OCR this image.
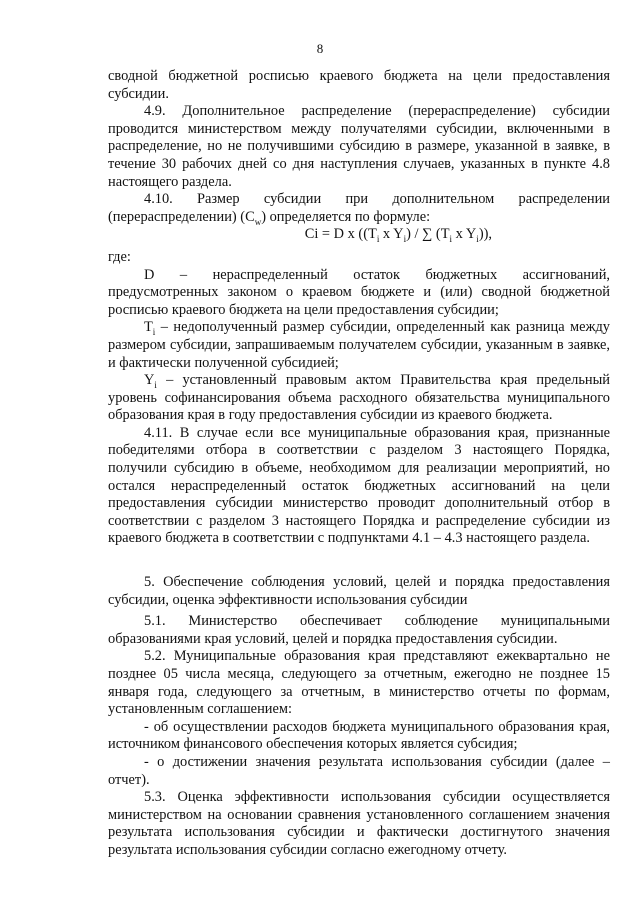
8

сводной бюджетной росписью краевого бюджета на цели предоставления субсидии.

4.9. Дополнительное распределение (перераспределение) субсидии проводится министерством между получателями субсидии, включенными в распределение, но не получившими субсидию в размере, указанной в заявке, в течение 30 рабочих дней со дня наступления случаев, указанных в пункте 4.8 настоящего раздела.

4.10. Размер субсидии при дополнительном распределении (перераспределении) $(C_w)$ определяется по формуле:

Ci = D x (($T_i$ x $Y_i$) / ∑ ($T_i$ x $Y_i$)),

где:

D – нераспределенный остаток бюджетных ассигнований, предусмотренных законом о краевом бюджете и (или) сводной бюджетной росписью краевого бюджета на цели предоставления субсидии;

$T_i$ – недополученный размер субсидии, определенный как разница между размером субсидии, запрашиваемым получателем субсидии, указанным в заявке, и фактически полученной субсидией;

$Y_i$ – установленный правовым актом Правительства края предельный уровень софинансирования объема расходного обязательства муниципального образования края в году предоставления субсидии из краевого бюджета.

4.11. В случае если все муниципальные образования края, признанные победителями отбора в соответствии с разделом 3 настоящего Порядка, получили субсидию в объеме, необходимом для реализации мероприятий, но остался нераспределенный остаток бюджетных ассигнований на цели предоставления субсидии министерство проводит дополнительный отбор в соответствии с разделом 3 настоящего Порядка и распределение субсидии из краевого бюджета в соответствии с подпунктами 4.1 – 4.3 настоящего раздела.

5. Обеспечение соблюдения условий, целей и порядка предоставления субсидии, оценка эффективности использования субсидии

5.1. Министерство обеспечивает соблюдение муниципальными образованиями края условий, целей и порядка предоставления субсидии.

5.2. Муниципальные образования края представляют ежеквартально не позднее 05 числа месяца, следующего за отчетным, ежегодно не позднее 15 января года, следующего за отчетным, в министерство отчеты по формам, установленным соглашением:

- об осуществлении расходов бюджета муниципального образования края, источником финансового обеспечения которых является субсидия;

- о достижении значения результата использования субсидии (далее – отчет).

5.3. Оценка эффективности использования субсидии осуществляется министерством на основании сравнения установленного соглашением значения результата использования субсидии и фактически достигнутого значения результата использования субсидии согласно ежегодному отчету.
